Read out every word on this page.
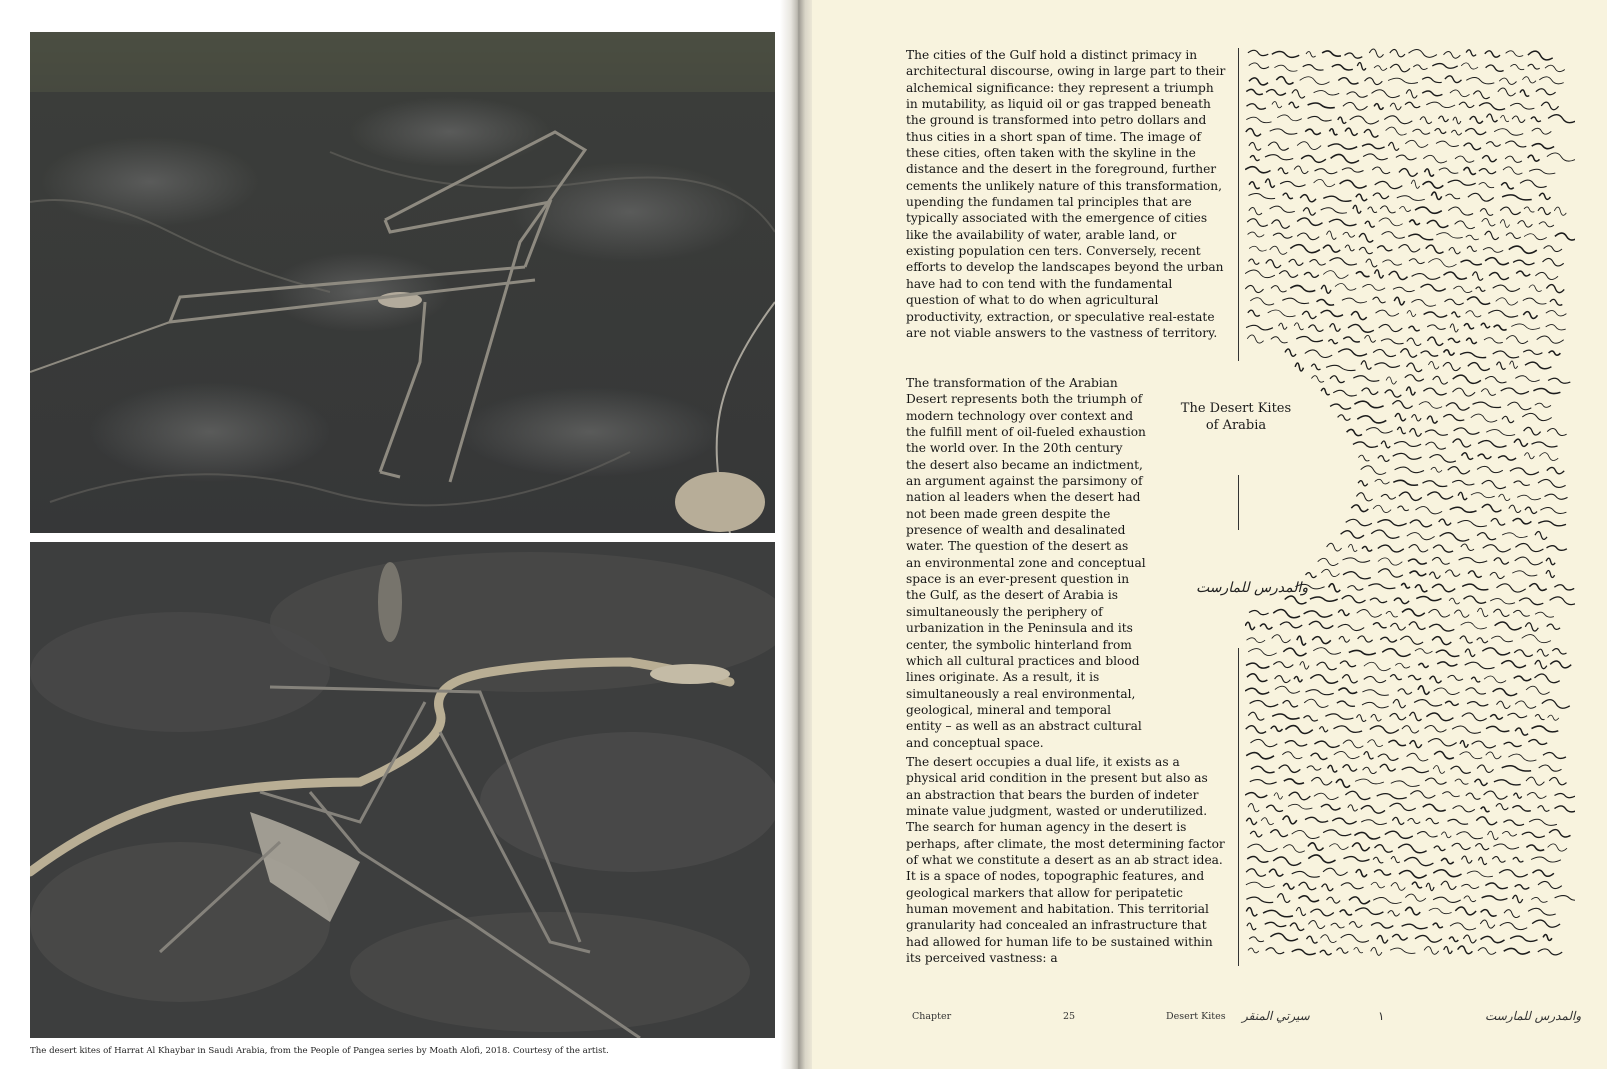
The desert kites of Harrat Al Khaybar in Saudi Arabia, from the People of Pangea series by Moath Alofi, 2018. Courtesy of the artist.

The cities of the Gulf hold a distinct primacy in architectural discourse, owing in large part to their alchemical significance: they represent a triumph in mutability, as liquid oil or gas trapped beneath the ground is transformed into petro dollars and thus cities in a short span of time. The image of these cities, often taken with the skyline in the distance and the desert in the foreground, further cements the unlikely nature of this transformation, upending the fundamen tal principles that are typically associated with the emergence of cities like the availability of water, arable land, or existing population cen ters. Conversely, recent efforts to develop the landscapes beyond the urban have had to con tend with the fundamental question of what to do when agricultural productivity, extraction, or speculative real-estate are not viable answers to the vastness of territory.

The transformation of the Arabian Desert represents both the triumph of modern technology over context and the fulfill ment of oil-fueled exhaustion the world over. In the 20th century the desert also became an indictment, an argument against the parsimony of nation al leaders when the desert had not been made green despite the presence of wealth and desalinated water. The question of the desert as an environmental zone and conceptual space is an ever-present question in the Gulf, as the desert of Arabia is simultaneously the periphery of urbanization in the Peninsula and its center, the symbolic hinterland from which all cultural practices and blood lines originate. As a result, it is simultaneously a real environmental, geological, mineral and temporal entity – as well as an abstract cultural and conceptual space.

The desert occupies a dual life, it exists as a physical arid condition in the present but also as an abstraction that bears the burden of indeter minate value judgment, wasted or underutilized. The search for human agency in the desert is perhaps, after climate, the most determining factor of what we constitute a desert as an ab stract idea. It is a space of nodes, topographic features, and geological markers that allow for peripatetic human movement and habitation. This territorial granularity had concealed an infrastructure that had allowed for human life to be sustained within its perceived vastness: a

The Desert Kites of Arabia
والمدرس للمارست
Chapter	25	Desert Kites سيرتي المنقر	١	والمدرس للمارست
